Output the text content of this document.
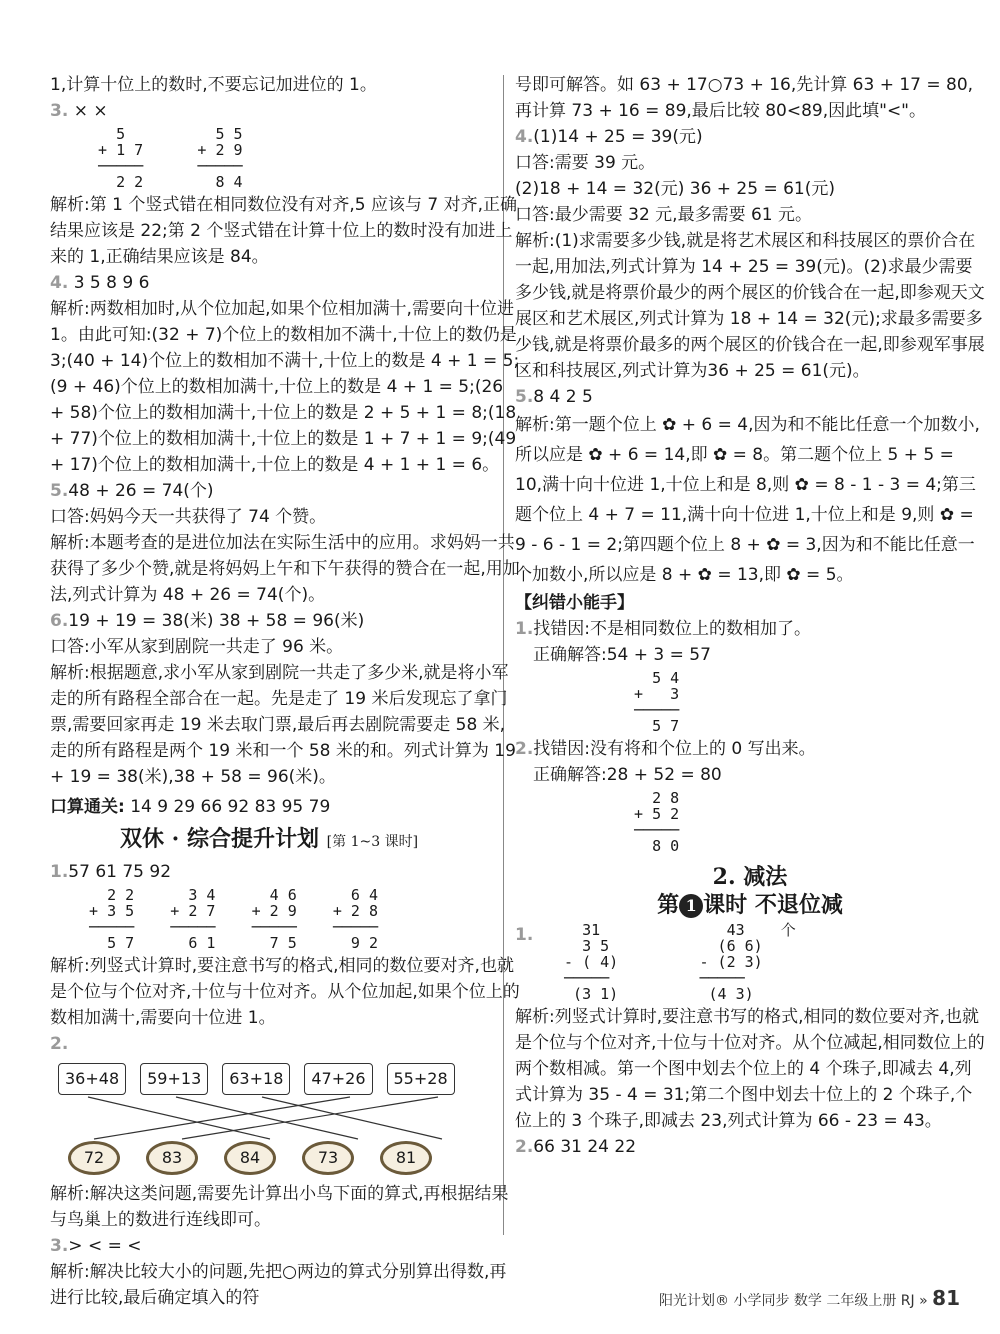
1,计算十位上的数时,不要忘记加进位的 1。

3. × ×

5          5 5
+ 1 7      + 2 9
─────      ─────
2 2        8 4

解析:第 1 个竖式错在相同数位没有对齐,5 应该与 7 对齐,正确结果应该是 22;第 2 个竖式错在计算十位上的数时没有加进上来的 1,正确结果应该是 84。

4. 3 5 8 9 6

解析:两数相加时,从个位加起,如果个位相加满十,需要向十位进 1。由此可知:(32 + 7)个位上的数相加不满十,十位上的数仍是 3;(40 + 14)个位上的数相加不满十,十位上的数是 4 + 1 = 5;(9 + 46)个位上的数相加满十,十位上的数是 4 + 1 = 5;(26 + 58)个位上的数相加满十,十位上的数是 2 + 5 + 1 = 8;(18 + 77)个位上的数相加满十,十位上的数是 1 + 7 + 1 = 9;(49 + 17)个位上的数相加满十,十位上的数是 4 + 1 + 1 = 6。

5.48 + 26 = 74(个)

口答:妈妈今天一共获得了 74 个赞。

解析:本题考查的是进位加法在实际生活中的应用。求妈妈一共获得了多少个赞,就是将妈妈上午和下午获得的赞合在一起,用加法,列式计算为 48 + 26 = 74(个)。

6.19 + 19 = 38(米) 38 + 58 = 96(米)

口答:小军从家到剧院一共走了 96 米。

解析:根据题意,求小军从家到剧院一共走了多少米,就是将小军走的所有路程全部合在一起。先是走了 19 米后发现忘了拿门票,需要回家再走 19 米去取门票,最后再去剧院需要走 58 米,走的所有路程是两个 19 米和一个 58 米的和。列式计算为 19 + 19 = 38(米),38 + 58 = 96(米)。

口算通关: 14 9 29 66 92 83 95 79

双休 · 综合提升计划 [第 1~3 课时]

1.57 61 75 92

2 2      3 4      4 6      6 4
+ 3 5    + 2 7    + 2 9    + 2 8
─────    ─────    ─────    ─────
5 7      6 1      7 5      9 2

解析:列竖式计算时,要注意书写的格式,相同的数位要对齐,也就是个位与个位对齐,十位与十位对齐。从个位加起,如果个位上的数相加满十,需要向十位进 1。

2.

36+48	59+13	63+18	47+26	55+28
72	83	84	73	81

解析:解决这类问题,需要先计算出小鸟下面的算式,再根据结果与鸟巢上的数进行连线即可。

3.> < = <

解析:解决比较大小的问题,先把○两边的算式分别算出得数,再进行比较,最后确定填入的符

号即可解答。如 63 + 17○73 + 16,先计算 63 + 17 = 80,再计算 73 + 16 = 89,最后比较 80<89,因此填"<"。

4.(1)14 + 25 = 39(元)

口答:需要 39 元。

(2)18 + 14 = 32(元) 36 + 25 = 61(元)

口答:最少需要 32 元,最多需要 61 元。

解析:(1)求需要多少钱,就是将艺术展区和科技展区的票价合在一起,用加法,列式计算为 14 + 25 = 39(元)。(2)求最少需要多少钱,就是将票价最少的两个展区的价钱合在一起,即参观天文展区和艺术展区,列式计算为 18 + 14 = 32(元);求最多需要多少钱,就是将票价最多的两个展区的价钱合在一起,即参观军事展区和科技展区,列式计算为36 + 25 = 61(元)。

5.8 4 2 5

解析:第一题个位上 ✿ + 6 = 4,因为和不能比任意一个加数小,所以应是 ✿ + 6 = 14,即 ✿ = 8。第二题个位上 5 + 5 = 10,满十向十位进 1,十位上和是 8,则 ✿ = 8 - 1 - 3 = 4;第三题个位上 4 + 7 = 11,满十向十位进 1,十位上和是 9,则 ✿ = 9 - 6 - 1 = 2;第四题个位上 8 + ✿ = 3,因为和不能比任意一个加数小,所以应是 8 + ✿ = 13,即 ✿ = 5。

【纠错小能手】

1.找错因:不是相同数位上的数相加了。

正确解答:54 + 3 = 57

5 4
+   3
─────
5 7

2.找错因:没有将和个位上的 0 写出来。

正确解答:28 + 52 = 80

2 8
+ 5 2
─────
8 0
2. 减法
第 1 课时 不退位减

1.	31              43    个
3 5            (6 6)
- ( 4)         - (2 3)
─────          ─────
(3 1)          (4 3)

解析:列竖式计算时,要注意书写的格式,相同的数位要对齐,也就是个位与个位对齐,十位与十位对齐。从个位减起,相同数位上的两个数相减。第一个图中划去个位上的 4 个珠子,即减去 4,列式计算为 35 - 4 = 31;第二个图中划去十位上的 2 个珠子,个位上的 3 个珠子,即减去 23,列式计算为 66 - 23 = 43。

2.66 31 24 22

阳光计划® 小学同步 数学 二年级上册 RJ » 81
